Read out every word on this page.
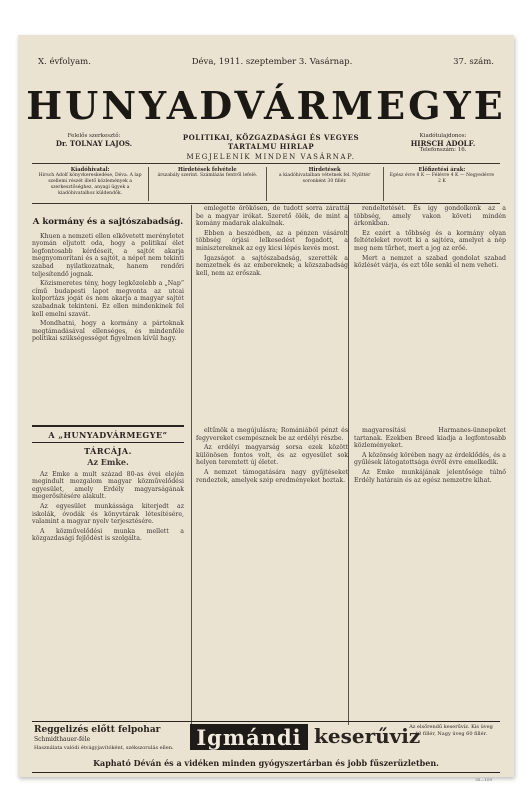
X. évfolyam.	Déva, 1911. szeptember 3. Vasárnap.	37. szám.
HUNYADVÁRMEGYE
Felelős szerkesztő:
Dr. TOLNAY LAJOS.
POLITIKAI, KÖZGAZDASÁGI ÉS VEGYES TARTALMU HIRLAP
MEGJELENIK MINDEN VASÁRNAP.
Kiadótulajdonos:
HIRSCH ADOLF.
Telefonszám: 16.
Kiadóhivatal:
Hirsch Adolf könyvkereskedése, Déva. A lap szellemi részét illető közlemények a szerkesztőséghez, anyagi ügyek a kiadóhivatalhoz küldendők.
Hirdetések felvétele
árszabály szerint. Számlázás fentről lefelé.
Hirdetések
a kiadóhivatalban vétetnek fel. Nyilttér soronként 30 fillér.
Előfizetési árak:
Egész évre 8 K — Félévre 4 K — Negyedévre 2 K
A kormány és a sajtószabadság.

Khuen a nemzeti ellen elkövetett merényletet nyomán eljutott oda, hogy a politikai élet legfontosabb kérdéseit, a sajtót akarja megnyomorítani és a sajtót, a népet nem tekinti szabad nyilatkozatnak, hanem rendőri teljesítendő jognak.

Közismeretes tény, hogy legközelebb a „Nap” című budapesti lapot megvonta az utcai kolportázs jogát és nem akarja a magyar sajtót szabadnak tekinteni. Ez ellen mindenkinek fel kell emelni szavát.

Mondhatni, hogy a kormány a pártoknak megtámadásával ellenséges, és mindenféle politikai szükségességet figyelmen kívül hagy.

emlegette örökösen, de tudott sorra zárattá be a magyar irókat. Szerető ölék, de mint a komány madarak alakulnak.

Ebben a beszédben, az a pénzen vásárolt többség órjási lelkesedést fogadott, a minisztereknek az egy kicsi lépés kevés most.

Igazságot a sajtószabadság, szerették a nemzetnek és az embereknek; a közszabadság kell, nem az erőszak.

rendeltetését. És igy gondolkonk az a többség, amely vakon követi mindén árkonkban.

Ez ezért a tőbbség és a kormány olyan feltételeket rovott ki a sajtóra, amelyet a nép meg nem tűrhet, mert a jog az erőé.

Mert a nemzet a szabad gondolat szabad közlését várja, és ezt tőle senki el nem veheti.

A „HUNYADVÁRMEGYE” TÁRCÁJA.
Az Emke.

Az Emke a mult század 80-as évei elején megindult mozgalom magyar közművelődési egyesület, amely Erdély magyarságának megerősítésére alakult.

Az egyesület munkássága kiterjedt az iskolák, óvodák és könyvtárak létesítésére, valamint a magyar nyelv terjesztésére.

A közművelődési munka mellett a közgazdasági fejlődést is szolgálta.

eltűnök a megújulásra; Romániából pénzt és fegyvereket csempésznek be az erdélyi részbe.

Az erdélyi magyarság sorsa ezek között különösen fontos volt, és az egyesület sok helyen teremtett új életet.

A nemzet támogatására nagy gyűjtéseket rendeztek, amelyek szép eredményeket hoztak.

magyarosítási Harmanes-ünnepeket tartanak. Ezekben Breed kiadja a legfontosabb közleményeket.

A közönség körében nagy az érdeklődés, és a gyűlések látogatottsága évről évre emelkedik.

Az Emke munkájának jelentősége túlnő Erdély határain és az egész nemzetre kihat.

Reggelizés előtt felpohar
Schmidthauer-féle
Használata valódi étvágyjavítóként, székszorulás ellen.	Igmándi keserűviz
Az elsőrendű keserűvíz. Kis üveg 40 fillér, Nagy üveg 60 fillér.
Kapható Déván és a vidéken minden gyógyszertárban és jobb fűszerüzletben.
35—109
